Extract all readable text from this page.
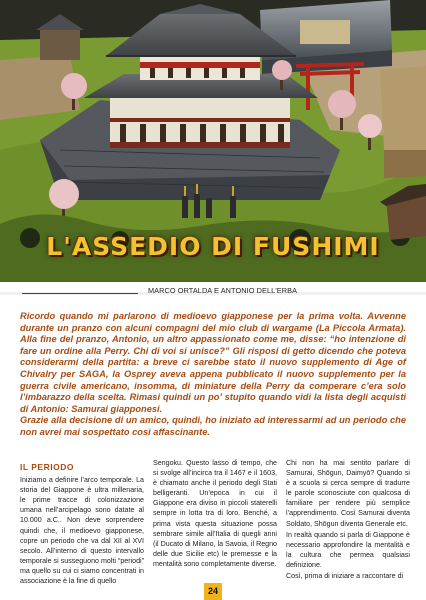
L'ASSEDIO DI FUSHIMI
MARCO ORTALDA E ANTONIO DELL'ERBA

Ricordo quando mi parlarono di medioevo giapponese per la prima volta. Avvenne durante un pranzo con alcuni compagni del mio club di wargame (La Piccola Armata). Alla fine del pranzo, Antonio, un altro appassionato come me, disse: “ho intenzione di fare un ordine alla Perry. Chi di voi si unisce?” Gli risposi di getto dicendo che poteva considerarmi della partita: a breve ci sarebbe stato il nuovo supplemento di Age of Chivalry per SAGA, la Osprey aveva appena pubblicato il nuovo supplemento per la guerra civile americano, insomma, di miniature della Perry da comperare c’era solo l’imbarazzo della scelta. Rimasi quindi un po’ stupito quando vidi la lista degli acquisti di Antonio: Samurai giapponesi.

Grazie alla decisione di un amico, quindi, ho iniziato ad interessarmi ad un periodo che non avrei mai sospettato così affascinante.

IL PERIODO

Iniziamo a definire l’arco temporale. La storia del Giappone è ultra millenaria, le prime tracce di colonizzazione umana nell’arcipelago sono datate al 10.000 a.C.. Non deve sorprendere quindi che, il medioevo giapponese, copre un periodo che va dal XII al XVI secolo. All’interno di questo intervallo temporale si susseguono molti “periodi” ma quello su cui ci siamo concentrati in associazione è la fine di quello

Sengoku. Questo lasso di tempo, che si svolge all’incirca tra il 1467 e il 1603, è chiamato anche il periodo degli Stati belligeranti. Un’epoca in cui il Giappone era diviso in piccoli staterelli sempre in lotta tra di loro. Benché, a prima vista questa situazione possa sembrare simile all’Italia di quegli anni (il Ducato di Milano, la Savoia, il Regno delle due Sicilie etc) le premesse e la mentalità sono completamente diverse.

Chi non ha mai sentito parlare di Samurai, Shōgun, Daimyō? Quando si è a scuola si cerca sempre di tradurre le parole sconosciute con qualcosa di familiare per rendere più semplice l’apprendimento. Così Samurai diventa Soldato, Shōgun diventa Generale etc.

In realtà quando si parla di Giappone è necessario approfondire la mentalità e la cultura che permea qualsiasi definizione.

Così, prima di iniziare a raccontare di

24
